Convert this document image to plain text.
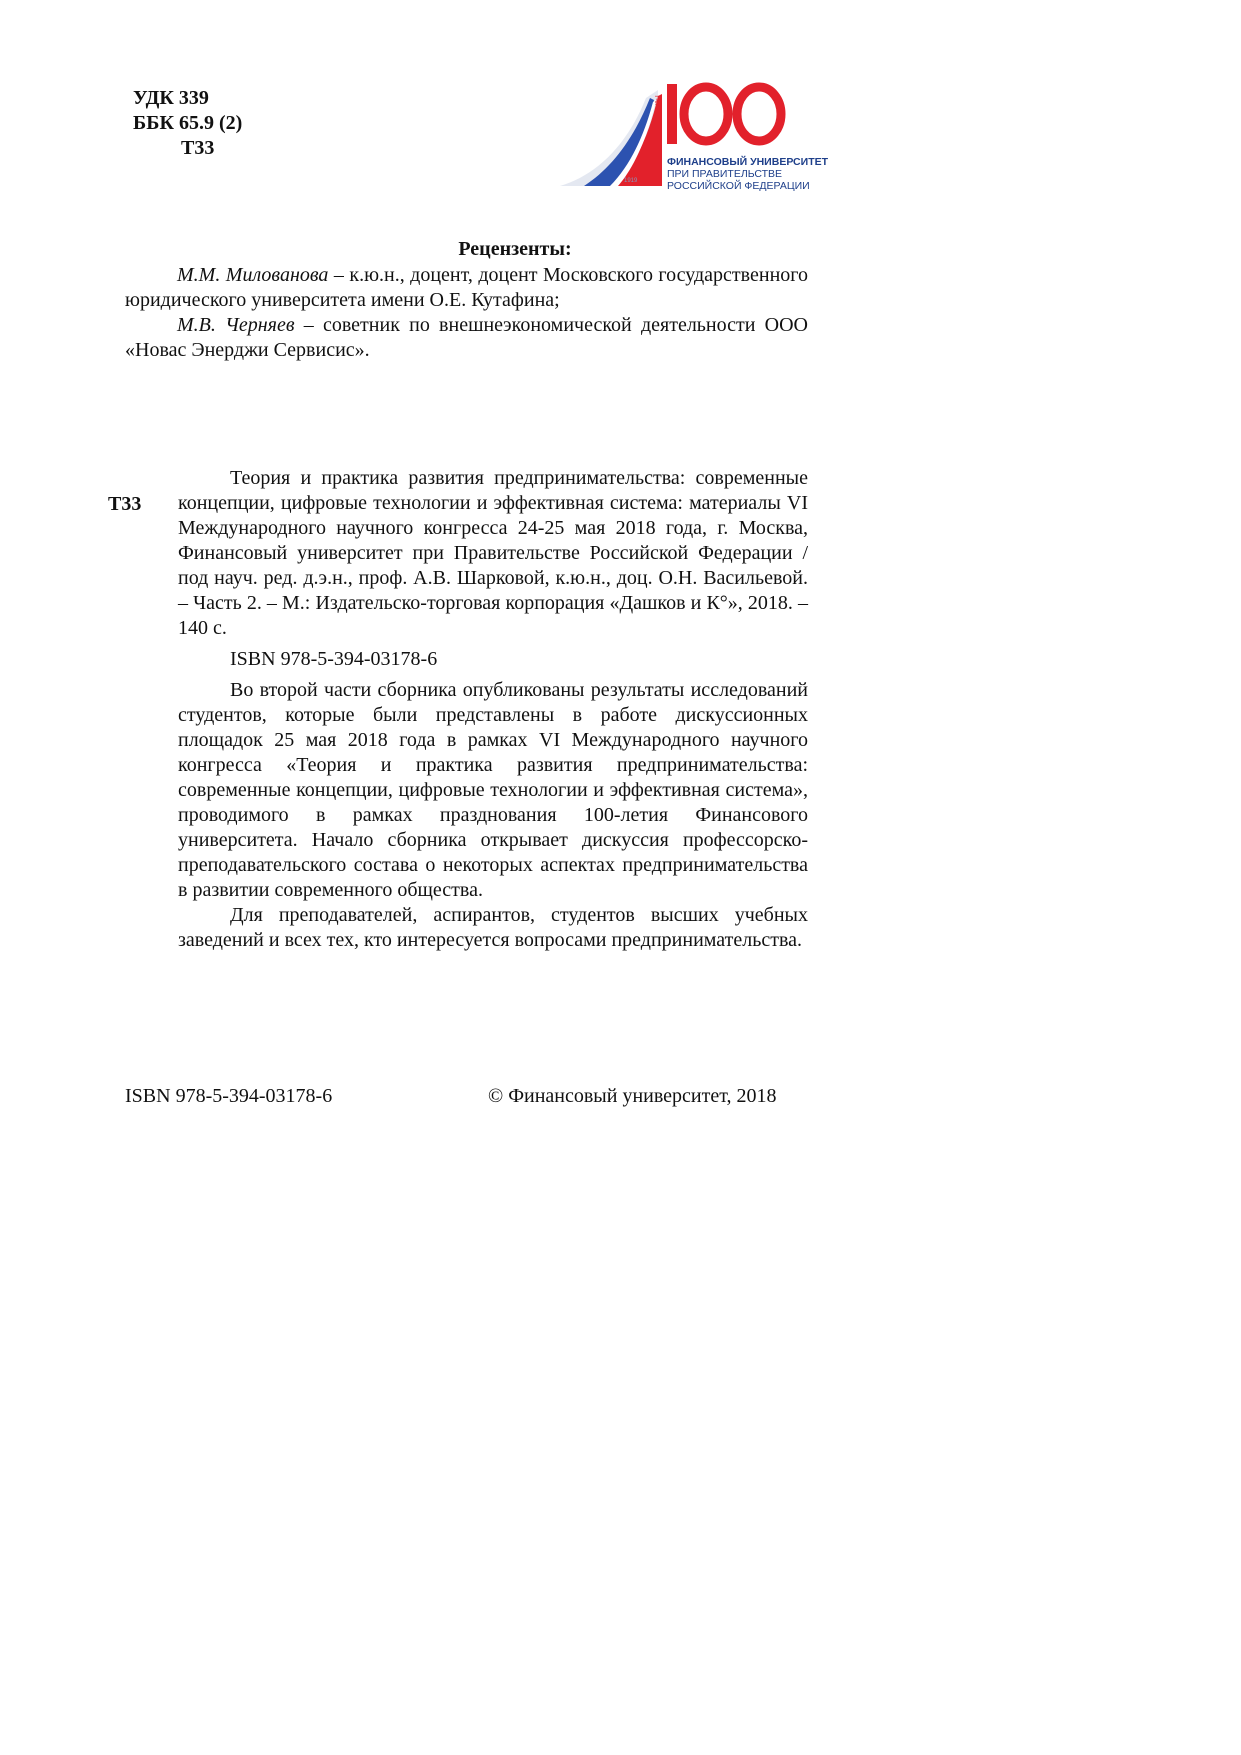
УДК 339
ББК 65.9 (2)
Т33
ЛЕТ
1919
ФИНАНСОВЫЙ УНИВЕРСИТЕТ
ПРИ ПРАВИТЕЛЬСТВЕ
РОССИЙСКОЙ ФЕДЕРАЦИИ
Рецензенты:

М.М. Милованова – к.ю.н., доцент, доцент Московского государственного юридического университета имени О.Е. Кутафина;

М.В. Черняев – советник по внешнеэкономической деятельности ООО «Новас Энерджи Сервисис».

Т33

Теория и практика развития предпринимательства: современные концепции, цифровые технологии и эффективная система: материалы VI Международного научного конгресса 24-25 мая 2018 года, г. Москва, Финансовый университет при Правительстве Российской Федерации / под науч. ред. д.э.н., проф. А.В. Шарковой, к.ю.н., доц. О.Н. Васильевой. – Часть 2. – М.: Издательско-торговая корпорация «Дашков и К°», 2018. – 140 с.

ISBN 978-5-394-03178-6

Во второй части сборника опубликованы результаты исследований студентов, которые были представлены в работе дискуссионных площадок 25 мая 2018 года в рамках VI Международного научного конгресса «Теория и практика развития предпринимательства: современные концепции, цифровые технологии и эффективная система», проводимого в рамках празднования 100-летия Финансового университета. Начало сборника открывает дискуссия профессорско-преподавательского состава о некоторых аспектах предпринимательства в развитии современного общества.

Для преподавателей, аспирантов, студентов высших учебных заведений и всех тех, кто интересуется вопросами предпринимательства.

ISBN 978-5-394-03178-6	© Финансовый университет, 2018
